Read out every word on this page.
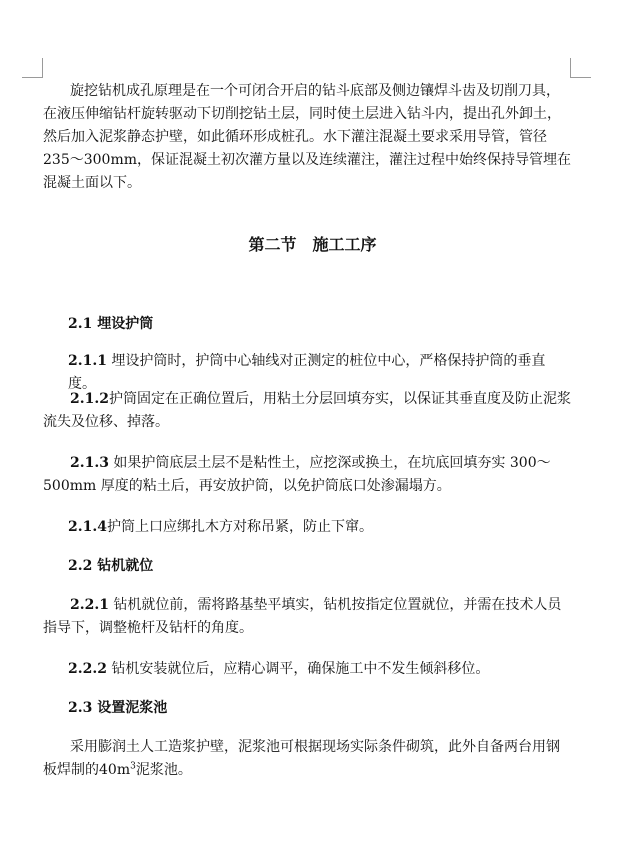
旋挖钻机成孔原理是在一个可闭合开启的钻斗底部及侧边镶焊斗齿及切削刀具，在液压伸缩钻杆旋转驱动下切削挖钻土层，同时使土层进入钻斗内，提出孔外卸土，然后加入泥浆静态护壁，如此循环形成桩孔。水下灌注混凝土要求采用导管，管径235～300mm，保证混凝土初次灌方量以及连续灌注，灌注过程中始终保持导管埋在混凝土面以下。

第二节 施工工序
2.1 埋设护筒

2.1.1 埋设护筒时，护筒中心轴线对正测定的桩位中心，严格保持护筒的垂直度。

2.1.2护筒固定在正确位置后，用粘土分层回填夯实，以保证其垂直度及防止泥浆流失及位移、掉落。

2.1.3 如果护筒底层土层不是粘性土，应挖深或换土，在坑底回填夯实 300～500mm 厚度的粘土后，再安放护筒，以免护筒底口处渗漏塌方。

2.1.4护筒上口应绑扎木方对称吊紧，防止下窜。

2.2 钻机就位

2.2.1 钻机就位前，需将路基垫平填实，钻机按指定位置就位，并需在技术人员指导下，调整桅杆及钻杆的角度。

2.2.2 钻机安装就位后，应精心调平，确保施工中不发生倾斜移位。

2.3 设置泥浆池

采用膨润土人工造浆护壁，泥浆池可根据现场实际条件砌筑，此外自备两台用钢板焊制的$40m^3$泥浆池。
